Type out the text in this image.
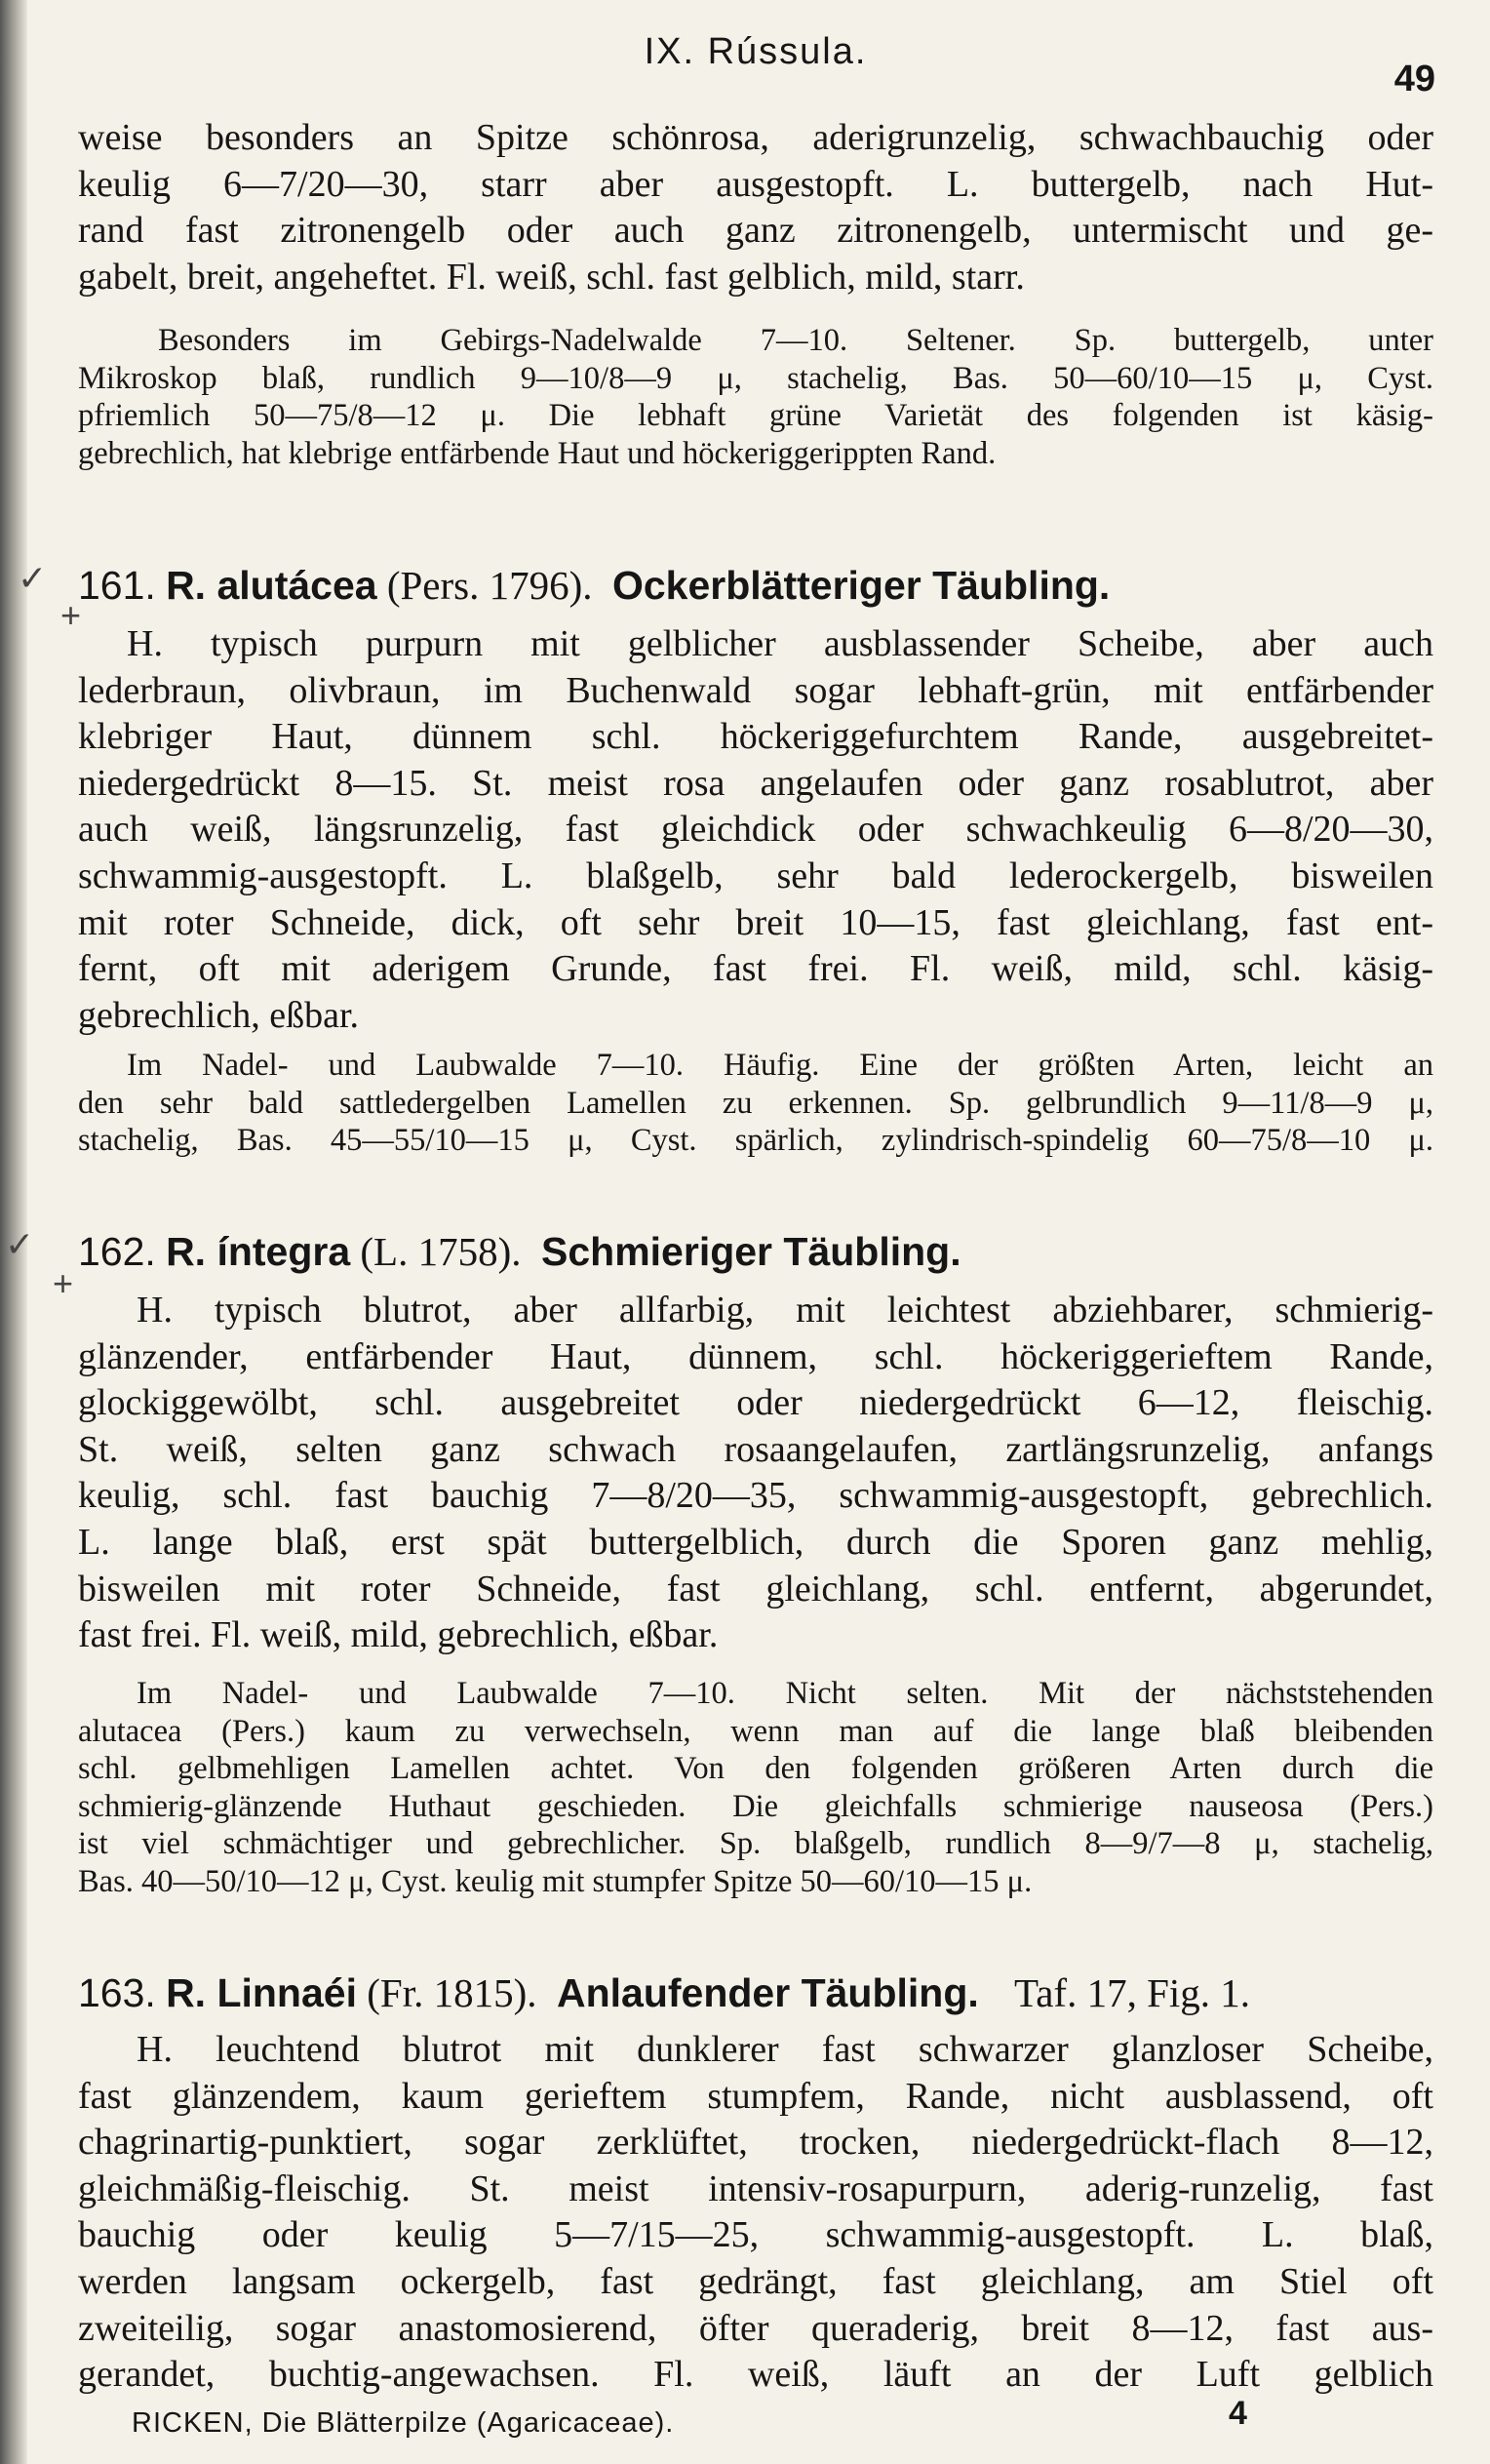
IX. Rússula.
49
weise besonders an Spitze schönrosa, aderigrunzelig, schwachbauchig oder
keulig 6—7/20—30, starr aber ausgestopft. L. buttergelb, nach Hut-
rand fast zitronengelb oder auch ganz zitronengelb, untermischt und ge-
gabelt, breit, angeheftet. Fl. weiß, schl. fast gelblich, mild, starr.
Besonders im Gebirgs-Nadelwalde 7—10. Seltener. Sp. buttergelb, unter
Mikroskop blaß, rundlich 9—10/8—9 μ, stachelig, Bas. 50—60/10—15 μ, Cyst.
pfriemlich 50—75/8—12 μ. Die lebhaft grüne Varietät des folgenden ist käsig-
gebrechlich, hat klebrige entfärbende Haut und höckeriggerippten Rand.
✓
+
161. R. alutácea (Pers. 1796). Ockerblätteriger Täubling.
H. typisch purpurn mit gelblicher ausblassender Scheibe, aber auch
lederbraun, olivbraun, im Buchenwald sogar lebhaft-grün, mit entfärbender
klebriger Haut, dünnem schl. höckeriggefurchtem Rande, ausgebreitet-
niedergedrückt 8—15. St. meist rosa angelaufen oder ganz rosablutrot, aber
auch weiß, längsrunzelig, fast gleichdick oder schwachkeulig 6—8/20—30,
schwammig-ausgestopft. L. blaßgelb, sehr bald lederockergelb, bisweilen
mit roter Schneide, dick, oft sehr breit 10—15, fast gleichlang, fast ent-
fernt, oft mit aderigem Grunde, fast frei. Fl. weiß, mild, schl. käsig-
gebrechlich, eßbar.
Im Nadel- und Laubwalde 7—10. Häufig. Eine der größten Arten, leicht an
den sehr bald sattledergelben Lamellen zu erkennen. Sp. gelbrundlich 9—11/8—9 μ,
stachelig, Bas. 45—55/10—15 μ, Cyst. spärlich, zylindrisch-spindelig 60—75/8—10 μ.
✓
+
162. R. íntegra (L. 1758). Schmieriger Täubling.
H. typisch blutrot, aber allfarbig, mit leichtest abziehbarer, schmierig-
glänzender, entfärbender Haut, dünnem, schl. höckeriggerieftem Rande,
glockiggewölbt, schl. ausgebreitet oder niedergedrückt 6—12, fleischig.
St. weiß, selten ganz schwach rosaangelaufen, zartlängsrunzelig, anfangs
keulig, schl. fast bauchig 7—8/20—35, schwammig-ausgestopft, gebrechlich.
L. lange blaß, erst spät buttergelblich, durch die Sporen ganz mehlig,
bisweilen mit roter Schneide, fast gleichlang, schl. entfernt, abgerundet,
fast frei. Fl. weiß, mild, gebrechlich, eßbar.
Im Nadel- und Laubwalde 7—10. Nicht selten. Mit der nächststehenden
alutacea (Pers.) kaum zu verwechseln, wenn man auf die lange blaß bleibenden
schl. gelbmehligen Lamellen achtet. Von den folgenden größeren Arten durch die
schmierig-glänzende Huthaut geschieden. Die gleichfalls schmierige nauseosa (Pers.)
ist viel schmächtiger und gebrechlicher. Sp. blaßgelb, rundlich 8—9/7—8 μ, stachelig,
Bas. 40—50/10—12 μ, Cyst. keulig mit stumpfer Spitze 50—60/10—15 μ.
163. R. Linnaéi (Fr. 1815). Anlaufender Täubling. Taf. 17, Fig. 1.
H. leuchtend blutrot mit dunklerer fast schwarzer glanzloser Scheibe,
fast glänzendem, kaum gerieftem stumpfem, Rande, nicht ausblassend, oft
chagrinartig-punktiert, sogar zerklüftet, trocken, niedergedrückt-flach 8—12,
gleichmäßig-fleischig. St. meist intensiv-rosapurpurn, aderig-runzelig, fast
bauchig oder keulig 5—7/15—25, schwammig-ausgestopft. L. blaß,
werden langsam ockergelb, fast gedrängt, fast gleichlang, am Stiel oft
zweiteilig, sogar anastomosierend, öfter queraderig, breit 8—12, fast aus-
gerandet, buchtig-angewachsen. Fl. weiß, läuft an der Luft gelblich
RICKEN, Die Blätterpilze (Agaricaceae).	4
